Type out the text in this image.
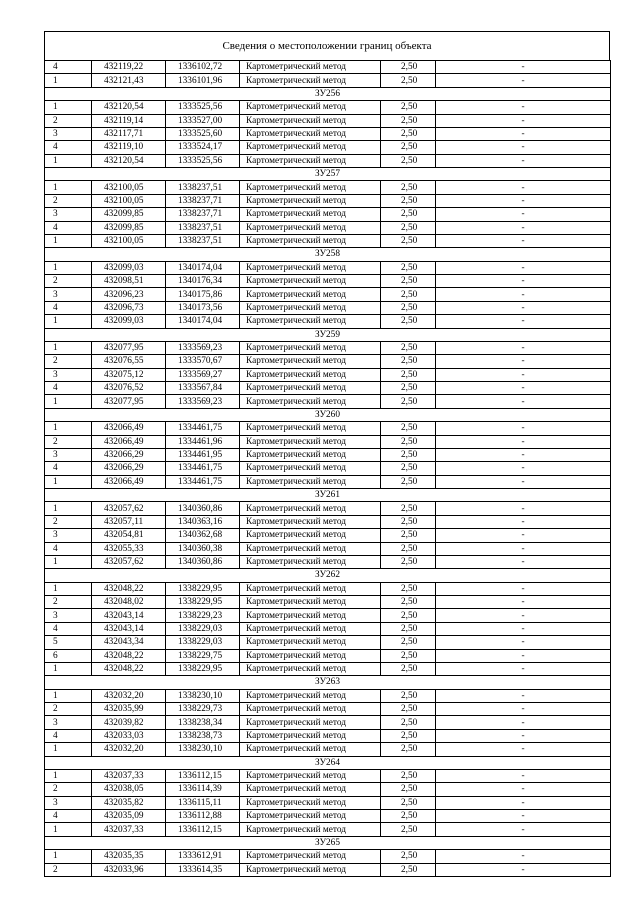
Сведения о местоположении границ объекта
4	432119,22	1336102,72	Картометрический метод	2,50	-
1	432121,43	1336101,96	Картометрический метод	2,50	-
ЗУ256					
1	432120,54	1333525,56	Картометрический метод	2,50	-
2	432119,14	1333527,00	Картометрический метод	2,50	-
3	432117,71	1333525,60	Картометрический метод	2,50	-
4	432119,10	1333524,17	Картометрический метод	2,50	-
1	432120,54	1333525,56	Картометрический метод	2,50	-
ЗУ257					
1	432100,05	1338237,51	Картометрический метод	2,50	-
2	432100,05	1338237,71	Картометрический метод	2,50	-
3	432099,85	1338237,71	Картометрический метод	2,50	-
4	432099,85	1338237,51	Картометрический метод	2,50	-
1	432100,05	1338237,51	Картометрический метод	2,50	-
ЗУ258					
1	432099,03	1340174,04	Картометрический метод	2,50	-
2	432098,51	1340176,34	Картометрический метод	2,50	-
3	432096,23	1340175,86	Картометрический метод	2,50	-
4	432096,73	1340173,56	Картометрический метод	2,50	-
1	432099,03	1340174,04	Картометрический метод	2,50	-
ЗУ259					
1	432077,95	1333569,23	Картометрический метод	2,50	-
2	432076,55	1333570,67	Картометрический метод	2,50	-
3	432075,12	1333569,27	Картометрический метод	2,50	-
4	432076,52	1333567,84	Картометрический метод	2,50	-
1	432077,95	1333569,23	Картометрический метод	2,50	-
ЗУ260					
1	432066,49	1334461,75	Картометрический метод	2,50	-
2	432066,49	1334461,96	Картометрический метод	2,50	-
3	432066,29	1334461,95	Картометрический метод	2,50	-
4	432066,29	1334461,75	Картометрический метод	2,50	-
1	432066,49	1334461,75	Картометрический метод	2,50	-
ЗУ261					
1	432057,62	1340360,86	Картометрический метод	2,50	-
2	432057,11	1340363,16	Картометрический метод	2,50	-
3	432054,81	1340362,68	Картометрический метод	2,50	-
4	432055,33	1340360,38	Картометрический метод	2,50	-
1	432057,62	1340360,86	Картометрический метод	2,50	-
ЗУ262					
1	432048,22	1338229,95	Картометрический метод	2,50	-
2	432048,02	1338229,95	Картометрический метод	2,50	-
3	432043,14	1338229,23	Картометрический метод	2,50	-
4	432043,14	1338229,03	Картометрический метод	2,50	-
5	432043,34	1338229,03	Картометрический метод	2,50	-
6	432048,22	1338229,75	Картометрический метод	2,50	-
1	432048,22	1338229,95	Картометрический метод	2,50	-
ЗУ263					
1	432032,20	1338230,10	Картометрический метод	2,50	-
2	432035,99	1338229,73	Картометрический метод	2,50	-
3	432039,82	1338238,34	Картометрический метод	2,50	-
4	432033,03	1338238,73	Картометрический метод	2,50	-
1	432032,20	1338230,10	Картометрический метод	2,50	-
ЗУ264					
1	432037,33	1336112,15	Картометрический метод	2,50	-
2	432038,05	1336114,39	Картометрический метод	2,50	-
3	432035,82	1336115,11	Картометрический метод	2,50	-
4	432035,09	1336112,88	Картометрический метод	2,50	-
1	432037,33	1336112,15	Картометрический метод	2,50	-
ЗУ265					
1	432035,35	1333612,91	Картометрический метод	2,50	-
2	432033,96	1333614,35	Картометрический метод	2,50	-
